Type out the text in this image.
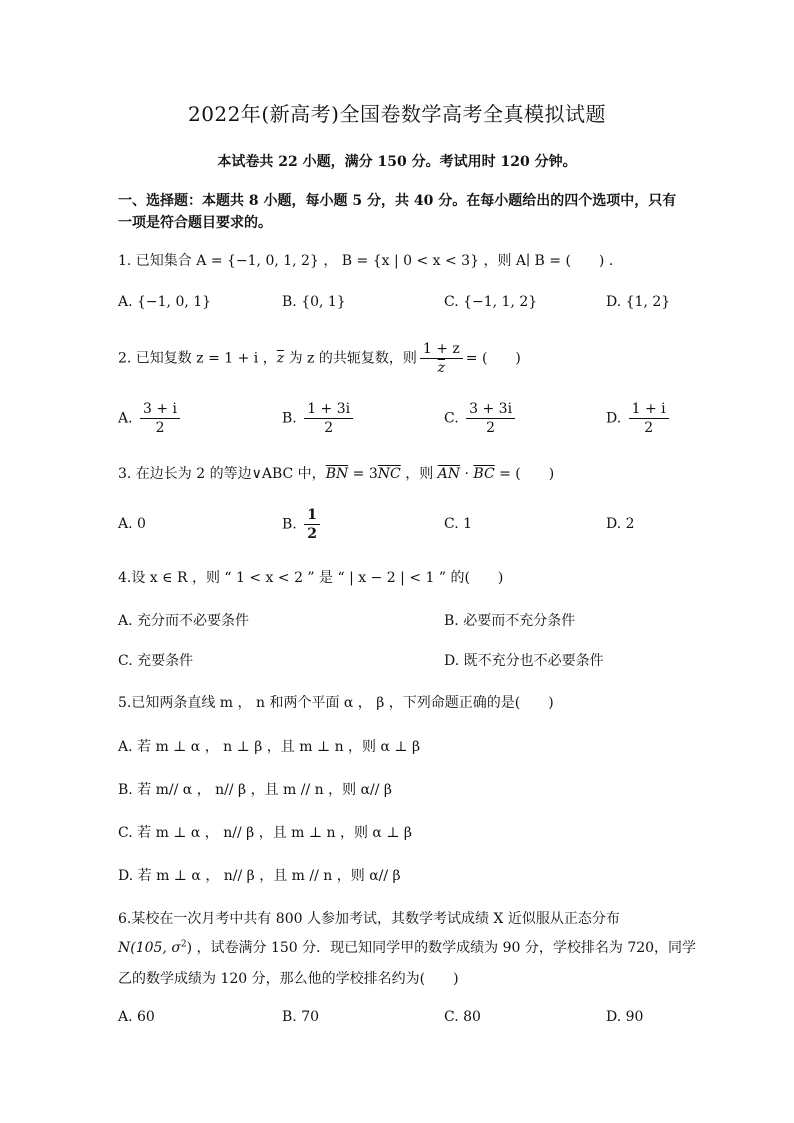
2022年(新高考)全国卷数学高考全真模拟试题
本试卷共 22 小题，满分 150 分。考试用时 120 分钟。
一、选择题：本题共 8 小题，每小题 5 分，共 40 分。在每小题给出的四个选项中，只有一项是符合题目要求的。
1. 已知集合 A = {−1, 0, 1, 2} ， B = {x | 0 < x < 3} ，则 A∣ B = (　　) .
A. {−1, 0, 1}	B. {0, 1}	C. {−1, 1, 2}	D. {1, 2}
2. 已知复数 z = 1 + i ，$\overline{z}$ 为 z 的共轭复数，则 $\frac{1 + z}{z}$ = (　　)
A. $\frac{3 + i}{2}$	B. $\frac{1 + 3i}{2}$	C. $\frac{3 + 3i}{2}$	D. $\frac{1 + i}{2}$
3. 在边长为 2 的等边∨ABC 中，$\overline{BN} = 3\overline{NC}$ ，则 $\overline{AN} \cdot \overline{BC}$ = (　　)
A. 0	B. $\frac{1}{2}$	C. 1	D. 2
4.设 x ∈ R ，则 “ 1 < x < 2 ” 是 “ | x − 2 | < 1 ” 的(　　)
A. 充分而不必要条件	B. 必要而不充分条件
C. 充要条件	D. 既不充分也不必要条件
5.已知两条直线 m ， n 和两个平面 α ， β ，下列命题正确的是(　　)
A. 若 m ⊥ α ， n ⊥ β ，且 m ⊥ n ，则 α ⊥ β
B. 若 m// α ， n// β ，且 m // n ，则 α// β
C. 若 m ⊥ α ， n// β ，且 m ⊥ n ，则 α ⊥ β
D. 若 m ⊥ α ， n// β ，且 m // n ，则 α// β
6.某校在一次月考中共有 800 人参加考试，其数学考试成绩 X 近似服从正态分布
N(105, $\sigma^2$) ，试卷满分 150 分．现已知同学甲的数学成绩为 90 分，学校排名为 720，同学
乙的数学成绩为 120 分，那么他的学校排名约为(　　)
A. 60	B. 70	C. 80	D. 90
